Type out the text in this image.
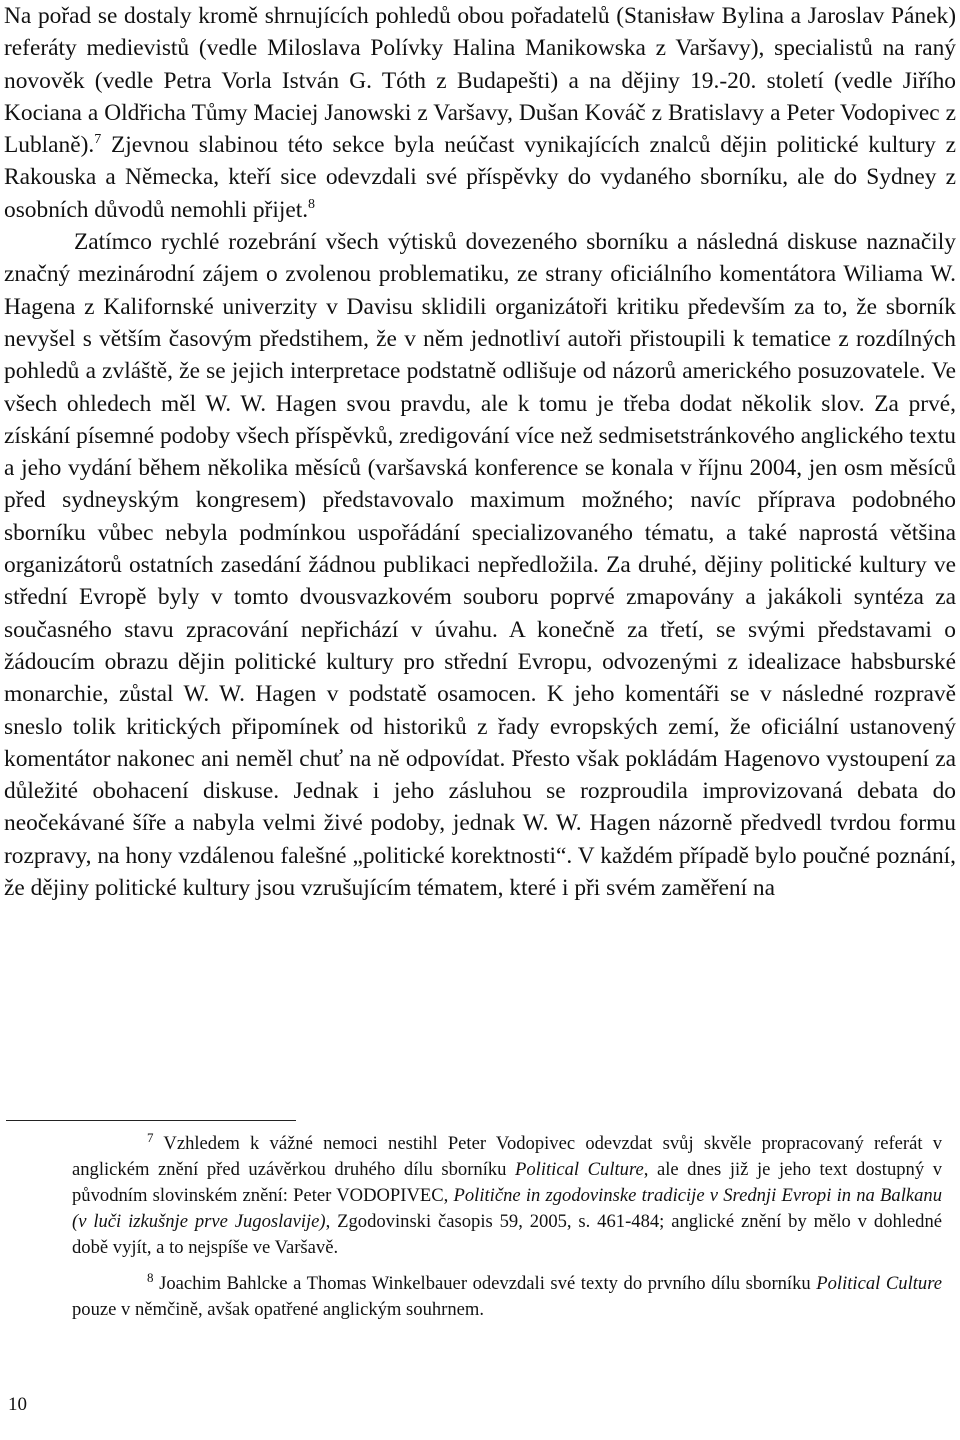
Na pořad se dostaly kromě shrnujících pohledů obou pořadatelů (Stanisław Bylina a Jaroslav Pánek) referáty medievistů (vedle Miloslava Polívky Halina Manikowska z Varšavy), specialistů na raný novověk (vedle Petra Vorla István G. Tóth z Budapešti) a na dějiny 19.-20. století (vedle Jiřího Kociana a Oldřicha Tůmy Maciej Janowski z Varšavy, Dušan Kováč z Bratislavy a Peter Vodopivec z Lublaně).$^7$ Zjevnou slabinou této sekce byla neúčast vynikajících znalců dějin politické kultury z Rakouska a Německa, kteří sice odevzdali své příspěvky do vydaného sborníku, ale do Sydney z osobních důvodů nemohli přijet.$^8$

Zatímco rychlé rozebrání všech výtisků dovezeného sborníku a následná diskuse naznačily značný mezinárodní zájem o zvolenou problematiku, ze strany oficiálního komentátora Wiliama W. Hagena z Kalifornské univerzity v Davisu sklidili organizátoři kritiku především za to, že sborník nevyšel s větším časovým předstihem, že v něm jednotliví autoři přistoupili k tematice z rozdílných pohledů a zvláště, že se jejich interpretace podstatně odlišuje od názorů amerického posuzovatele. Ve všech ohledech měl W. W. Hagen svou pravdu, ale k tomu je třeba dodat několik slov. Za prvé, získání písemné podoby všech příspěvků, zredigování více než sedmisetstránkového anglického textu a jeho vydání během několika měsíců (varšavská konference se konala v říjnu 2004, jen osm měsíců před sydneyským kongresem) představovalo maximum možného; navíc příprava podobného sborníku vůbec nebyla podmínkou uspořádání specializovaného tématu, a také naprostá většina organizátorů ostatních zasedání žádnou publikaci nepředložila. Za druhé, dějiny politické kultury ve střední Evropě byly v tomto dvousvazkovém souboru poprvé zmapovány a jakákoli syntéza za současného stavu zpracování nepřichází v úvahu. A konečně za třetí, se svými představami o žádoucím obrazu dějin politické kultury pro střední Evropu, odvozenými z idealizace habsburské monarchie, zůstal W. W. Hagen v podstatě osamocen. K jeho komentáři se v následné rozpravě sneslo tolik kritických připomínek od historiků z řady evropských zemí, že oficiální ustanovený komentátor nakonec ani neměl chuť na ně odpovídat. Přesto však pokládám Hagenovo vystoupení za důležité obohacení diskuse. Jednak i jeho zásluhou se rozproudila improvizovaná debata do neočekávané šíře a nabyla velmi živé podoby, jednak W. W. Hagen názorně předvedl tvrdou formu rozpravy, na hony vzdálenou falešné „politické korektnosti“. V každém případě bylo poučné poznání, že dějiny politické kultury jsou vzrušujícím tématem, které i při svém zaměření na

$^7$ Vzhledem k vážné nemoci nestihl Peter Vodopivec odevzdat svůj skvěle propracovaný referát v anglickém znění před uzávěrkou druhého dílu sborníku Political Culture, ale dnes již je jeho text dostupný v původním slovinském znění: Peter VODOPIVEC, Politične in zgodovinske tradicije v Srednji Evropi in na Balkanu (v luči izkušnje prve Jugoslavije), Zgodovinski časopis 59, 2005, s. 461-484; anglické znění by mělo v dohledné době vyjít, a to nejspíše ve Varšavě.
$^8$ Joachim Bahlcke a Thomas Winkelbauer odevzdali své texty do prvního dílu sborníku Political Culture pouze v němčině, avšak opatřené anglickým souhrnem.
10
